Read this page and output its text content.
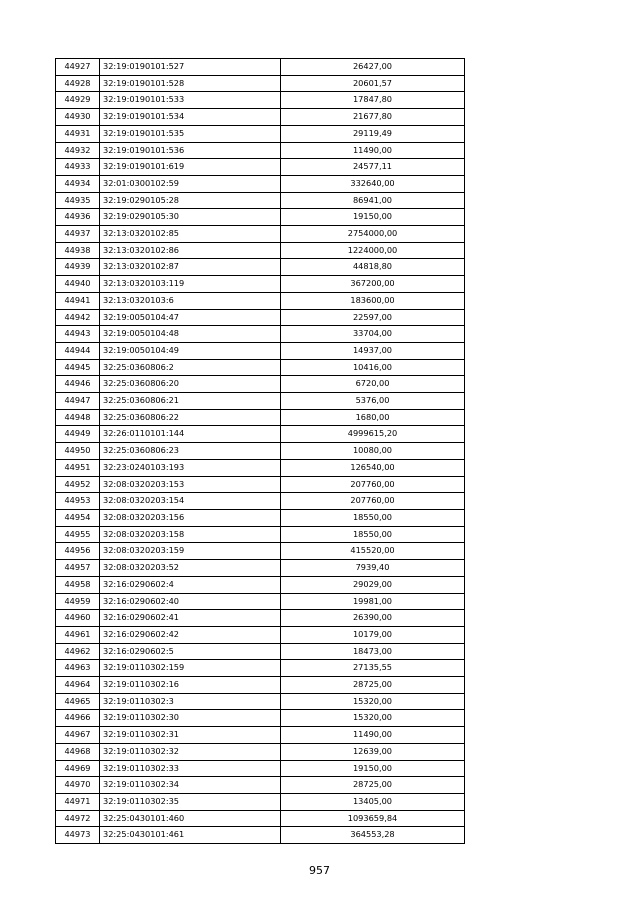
44927	32:19:0190101:527	26427,00
44928	32:19:0190101:528	20601,57
44929	32:19:0190101:533	17847,80
44930	32:19:0190101:534	21677,80
44931	32:19:0190101:535	29119,49
44932	32:19:0190101:536	11490,00
44933	32:19:0190101:619	24577,11
44934	32:01:0300102:59	332640,00
44935	32:19:0290105:28	86941,00
44936	32:19:0290105:30	19150,00
44937	32:13:0320102:85	2754000,00
44938	32:13:0320102:86	1224000,00
44939	32:13:0320102:87	44818,80
44940	32:13:0320103:119	367200,00
44941	32:13:0320103:6	183600,00
44942	32:19:0050104:47	22597,00
44943	32:19:0050104:48	33704,00
44944	32:19:0050104:49	14937,00
44945	32:25:0360806:2	10416,00
44946	32:25:0360806:20	6720,00
44947	32:25:0360806:21	5376,00
44948	32:25:0360806:22	1680,00
44949	32:26:0110101:144	4999615,20
44950	32:25:0360806:23	10080,00
44951	32:23:0240103:193	126540,00
44952	32:08:0320203:153	207760,00
44953	32:08:0320203:154	207760,00
44954	32:08:0320203:156	18550,00
44955	32:08:0320203:158	18550,00
44956	32:08:0320203:159	415520,00
44957	32:08:0320203:52	7939,40
44958	32:16:0290602:4	29029,00
44959	32:16:0290602:40	19981,00
44960	32:16:0290602:41	26390,00
44961	32:16:0290602:42	10179,00
44962	32:16:0290602:5	18473,00
44963	32:19:0110302:159	27135,55
44964	32:19:0110302:16	28725,00
44965	32:19:0110302:3	15320,00
44966	32:19:0110302:30	15320,00
44967	32:19:0110302:31	11490,00
44968	32:19:0110302:32	12639,00
44969	32:19:0110302:33	19150,00
44970	32:19:0110302:34	28725,00
44971	32:19:0110302:35	13405,00
44972	32:25:0430101:460	1093659,84
44973	32:25:0430101:461	364553,28
957
